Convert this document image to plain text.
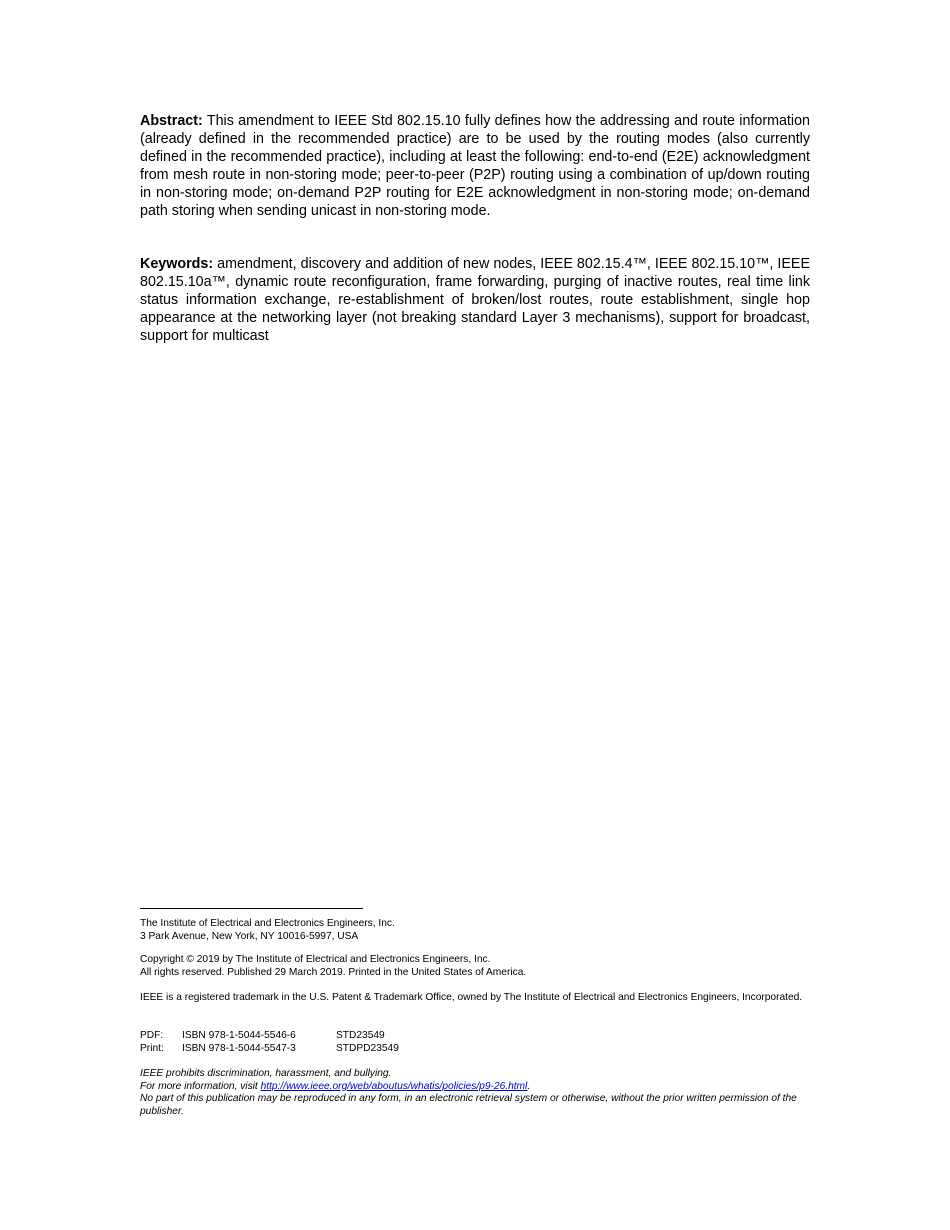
Abstract: This amendment to IEEE Std 802.15.10 fully defines how the addressing and route information (already defined in the recommended practice) are to be used by the routing modes (also currently defined in the recommended practice), including at least the following: end-to-end (E2E) acknowledgment from mesh route in non-storing mode; peer-to-peer (P2P) routing using a combination of up/down routing in non-storing mode; on-demand P2P routing for E2E acknowledgment in non-storing mode; on-demand path storing when sending unicast in non-storing mode.

Keywords: amendment, discovery and addition of new nodes, IEEE 802.15.4™, IEEE 802.15.10™, IEEE 802.15.10a™, dynamic route reconfiguration, frame forwarding, purging of inactive routes, real time link status information exchange, re-establishment of broken/lost routes, route establishment, single hop appearance at the networking layer (not breaking standard Layer 3 mechanisms), support for broadcast, support for multicast

The Institute of Electrical and Electronics Engineers, Inc.

3 Park Avenue, New York, NY 10016-5997, USA

Copyright © 2019 by The Institute of Electrical and Electronics Engineers, Inc.

All rights reserved. Published 29 March 2019. Printed in the United States of America.

IEEE is a registered trademark in the U.S. Patent & Trademark Office, owned by The Institute of Electrical and Electronics Engineers, Incorporated.

PDF:	ISBN 978-1-5044-5546-6	STD23549
Print:	ISBN 978-1-5044-5547-3	STDPD23549

IEEE prohibits discrimination, harassment, and bullying.

For more information, visit http://www.ieee.org/web/aboutus/whatis/policies/p9-26.html.

No part of this publication may be reproduced in any form, in an electronic retrieval system or otherwise, without the prior written permission of the publisher.
